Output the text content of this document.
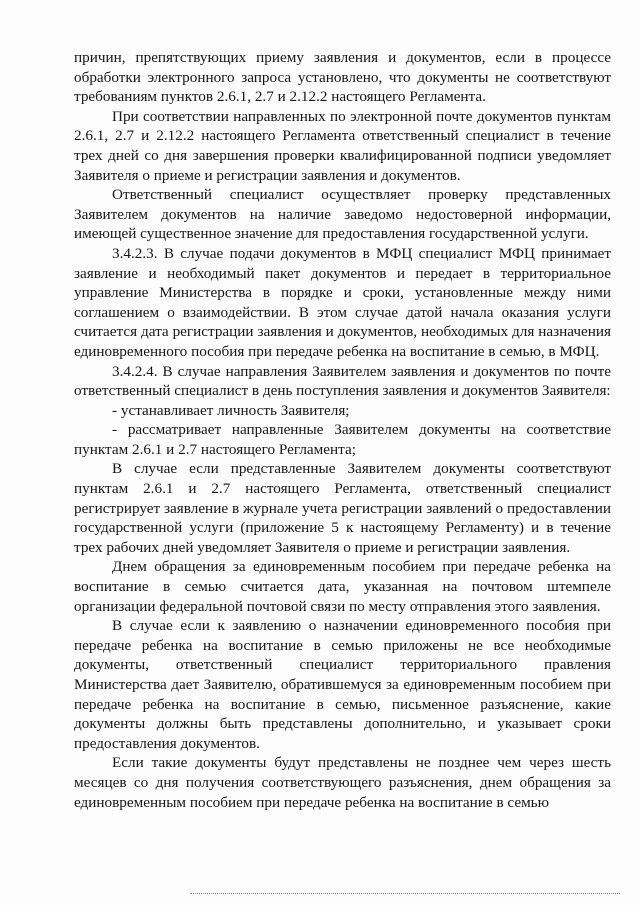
причин, препятствующих приему заявления и документов, если в процессе обработки электронного запроса установлено, что документы не соответствуют требованиям пунктов 2.6.1, 2.7 и 2.12.2 настоящего Регламента.

При соответствии направленных по электронной почте документов пунктам 2.6.1, 2.7 и 2.12.2 настоящего Регламента ответственный специалист в течение трех дней со дня завершения проверки квалифицированной подписи уведомляет Заявителя о приеме и регистрации заявления и документов.

Ответственный специалист осуществляет проверку представленных Заявителем документов на наличие заведомо недостоверной информации, имеющей существенное значение для предоставления государственной услуги.

3.4.2.3. В случае подачи документов в МФЦ специалист МФЦ принимает заявление и необходимый пакет документов и передает в территориальное управление Министерства в порядке и сроки, установленные между ними соглашением о взаимодействии. В этом случае датой начала оказания услуги считается дата регистрации заявления и документов, необходимых для назначения единовременного пособия при передаче ребенка на воспитание в семью, в МФЦ.

3.4.2.4. В случае направления Заявителем заявления и документов по почте ответственный специалист в день поступления заявления и документов Заявителя:

- устанавливает личность Заявителя;

- рассматривает направленные Заявителем документы на соответствие пунктам 2.6.1 и 2.7 настоящего Регламента;

В случае если представленные Заявителем документы соответствуют пунктам 2.6.1 и 2.7 настоящего Регламента, ответственный специалист регистрирует заявление в журнале учета регистрации заявлений о предоставлении государственной услуги (приложение 5 к настоящему Регламенту) и в течение трех рабочих дней уведомляет Заявителя о приеме и регистрации заявления.

Днем обращения за единовременным пособием при передаче ребенка на воспитание в семью считается дата, указанная на почтовом штемпеле организации федеральной почтовой связи по месту отправления этого заявления.

В случае если к заявлению о назначении единовременного пособия при передаче ребенка на воспитание в семью приложены не все необходимые документы, ответственный специалист территориального правления Министерства дает Заявителю, обратившемуся за единовременным пособием при передаче ребенка на воспитание в семью, письменное разъяснение, какие документы должны быть представлены дополнительно, и указывает сроки предоставления документов.

Если такие документы будут представлены не позднее чем через шесть месяцев со дня получения соответствующего разъяснения, днем обращения за единовременным пособием при передаче ребенка на воспитание в семью
